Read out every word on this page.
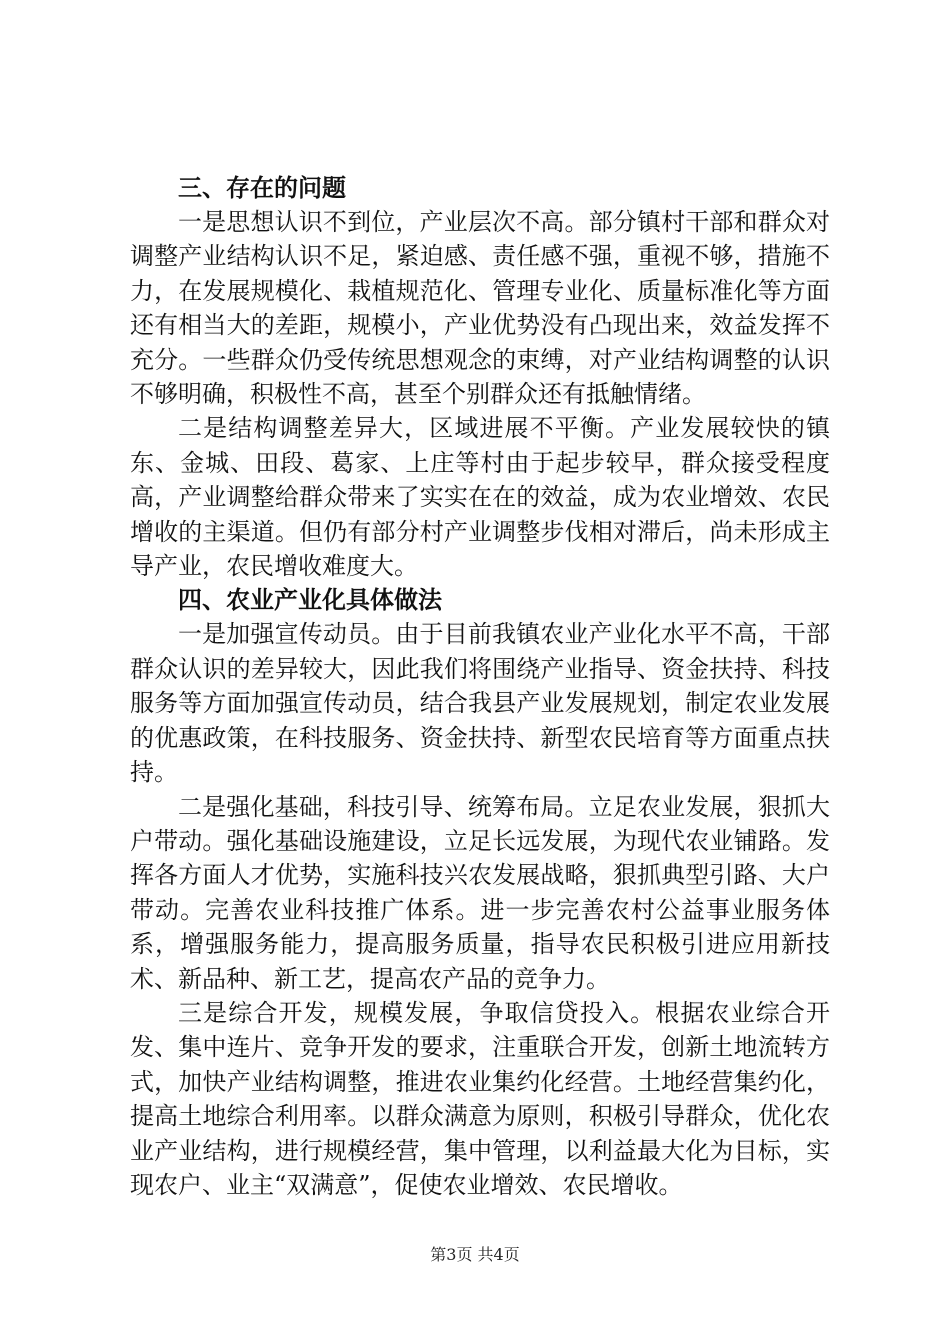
三、存在的问题

一是思想认识不到位，产业层次不高。部分镇村干部和群众对调整产业结构认识不足，紧迫感、责任感不强，重视不够，措施不力，在发展规模化、栽植规范化、管理专业化、质量标准化等方面还有相当大的差距，规模小，产业优势没有凸现出来，效益发挥不充分。一些群众仍受传统思想观念的束缚，对产业结构调整的认识不够明确，积极性不高，甚至个别群众还有抵触情绪。

二是结构调整差异大，区域进展不平衡。产业发展较快的镇东、金城、田段、葛家、上庄等村由于起步较早，群众接受程度高，产业调整给群众带来了实实在在的效益，成为农业增效、农民增收的主渠道。但仍有部分村产业调整步伐相对滞后，尚未形成主导产业，农民增收难度大。

四、农业产业化具体做法

一是加强宣传动员。由于目前我镇农业产业化水平不高，干部群众认识的差异较大，因此我们将围绕产业指导、资金扶持、科技服务等方面加强宣传动员，结合我县产业发展规划，制定农业发展的优惠政策，在科技服务、资金扶持、新型农民培育等方面重点扶持。

二是强化基础，科技引导、统筹布局。立足农业发展，狠抓大户带动。强化基础设施建设，立足长远发展，为现代农业铺路。发挥各方面人才优势，实施科技兴农发展战略，狠抓典型引路、大户带动。完善农业科技推广体系。进一步完善农村公益事业服务体系，增强服务能力，提高服务质量，指导农民积极引进应用新技术、新品种、新工艺，提高农产品的竞争力。

三是综合开发，规模发展，争取信贷投入。根据农业综合开发、集中连片、竞争开发的要求，注重联合开发，创新土地流转方式，加快产业结构调整，推进农业集约化经营。土地经营集约化，提高土地综合利用率。以群众满意为原则，积极引导群众，优化农业产业结构，进行规模经营，集中管理，以利益最大化为目标，实现农户、业主“双满意”，促使农业增效、农民增收。

第3页 共4页
